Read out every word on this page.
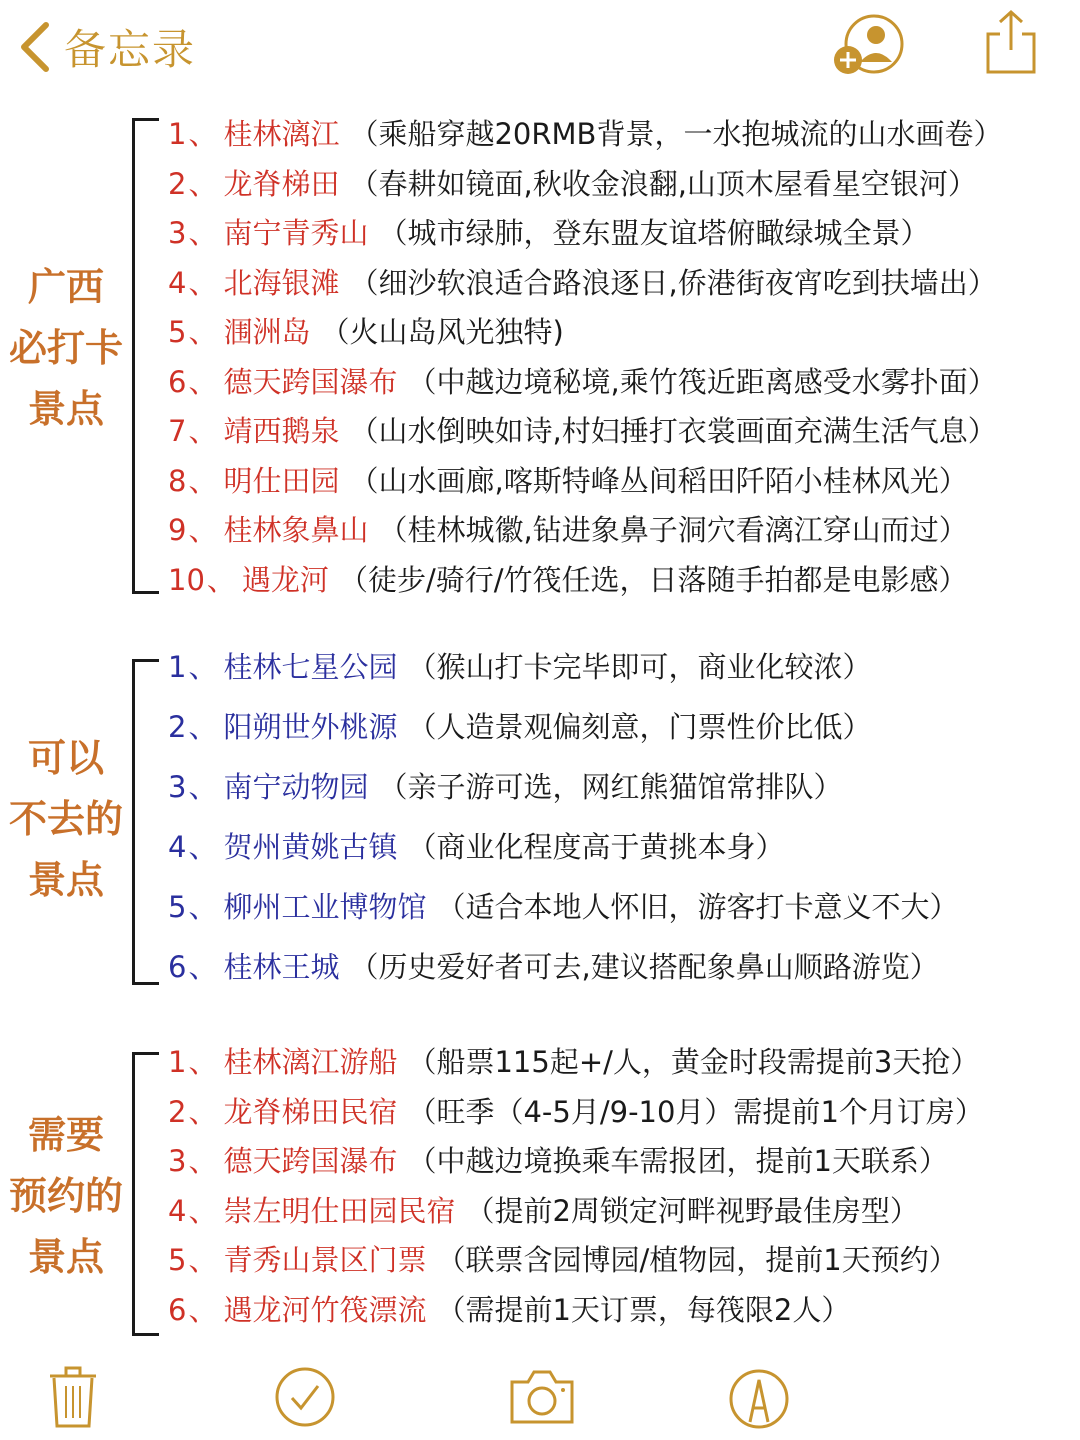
备忘录
广西
必打卡
景点
1 、 桂林漓江 （乘船穿越20RMB背景，一水抱城流的山水画卷）
2 、 龙脊梯田 （春耕如镜面,秋收金浪翻,山顶木屋看星空银河）
3 、 南宁青秀山 （城市绿肺，登东盟友谊塔俯瞰绿城全景）
4 、 北海银滩 （细沙软浪适合路浪逐日,侨港街夜宵吃到扶墙出）
5 、 涠洲岛 （火山岛风光独特)
6 、 德天跨国瀑布 （中越边境秘境,乘竹筏近距离感受水雾扑面）
7 、 靖西鹅泉 （山水倒映如诗,村妇捶打衣裳画面充满生活气息）
8 、 明仕田园 （山水画廊,喀斯特峰丛间稻田阡陌小桂林风光）
9 、 桂林象鼻山 （桂林城徽,钻进象鼻子洞穴看漓江穿山而过）
10 、 遇龙河 （徒步/骑行/竹筏任选，日落随手拍都是电影感）
可以
不去的
景点
1 、 桂林七星公园 （猴山打卡完毕即可，商业化较浓）
2 、 阳朔世外桃源 （人造景观偏刻意，门票性价比低）
3 、 南宁动物园 （亲子游可选，网红熊猫馆常排队）
4 、 贺州黄姚古镇 （商业化程度高于黄挑本身）
5 、 柳州工业博物馆 （适合本地人怀旧，游客打卡意义不大）
6 、 桂林王城 （历史爱好者可去,建议搭配象鼻山顺路游览）
需要
预约的
景点
1 、 桂林漓江游船 （船票115起+/人，黄金时段需提前3天抢）
2 、 龙脊梯田民宿 （旺季（4-5月/9-10月）需提前1个月订房）
3 、 德天跨国瀑布 （中越边境换乘车需报团，提前1天联系）
4 、 崇左明仕田园民宿 （提前2周锁定河畔视野最佳房型）
5 、 青秀山景区门票 （联票含园博园/植物园，提前1天预约）
6 、 遇龙河竹筏漂流 （需提前1天订票，每筏限2人）
